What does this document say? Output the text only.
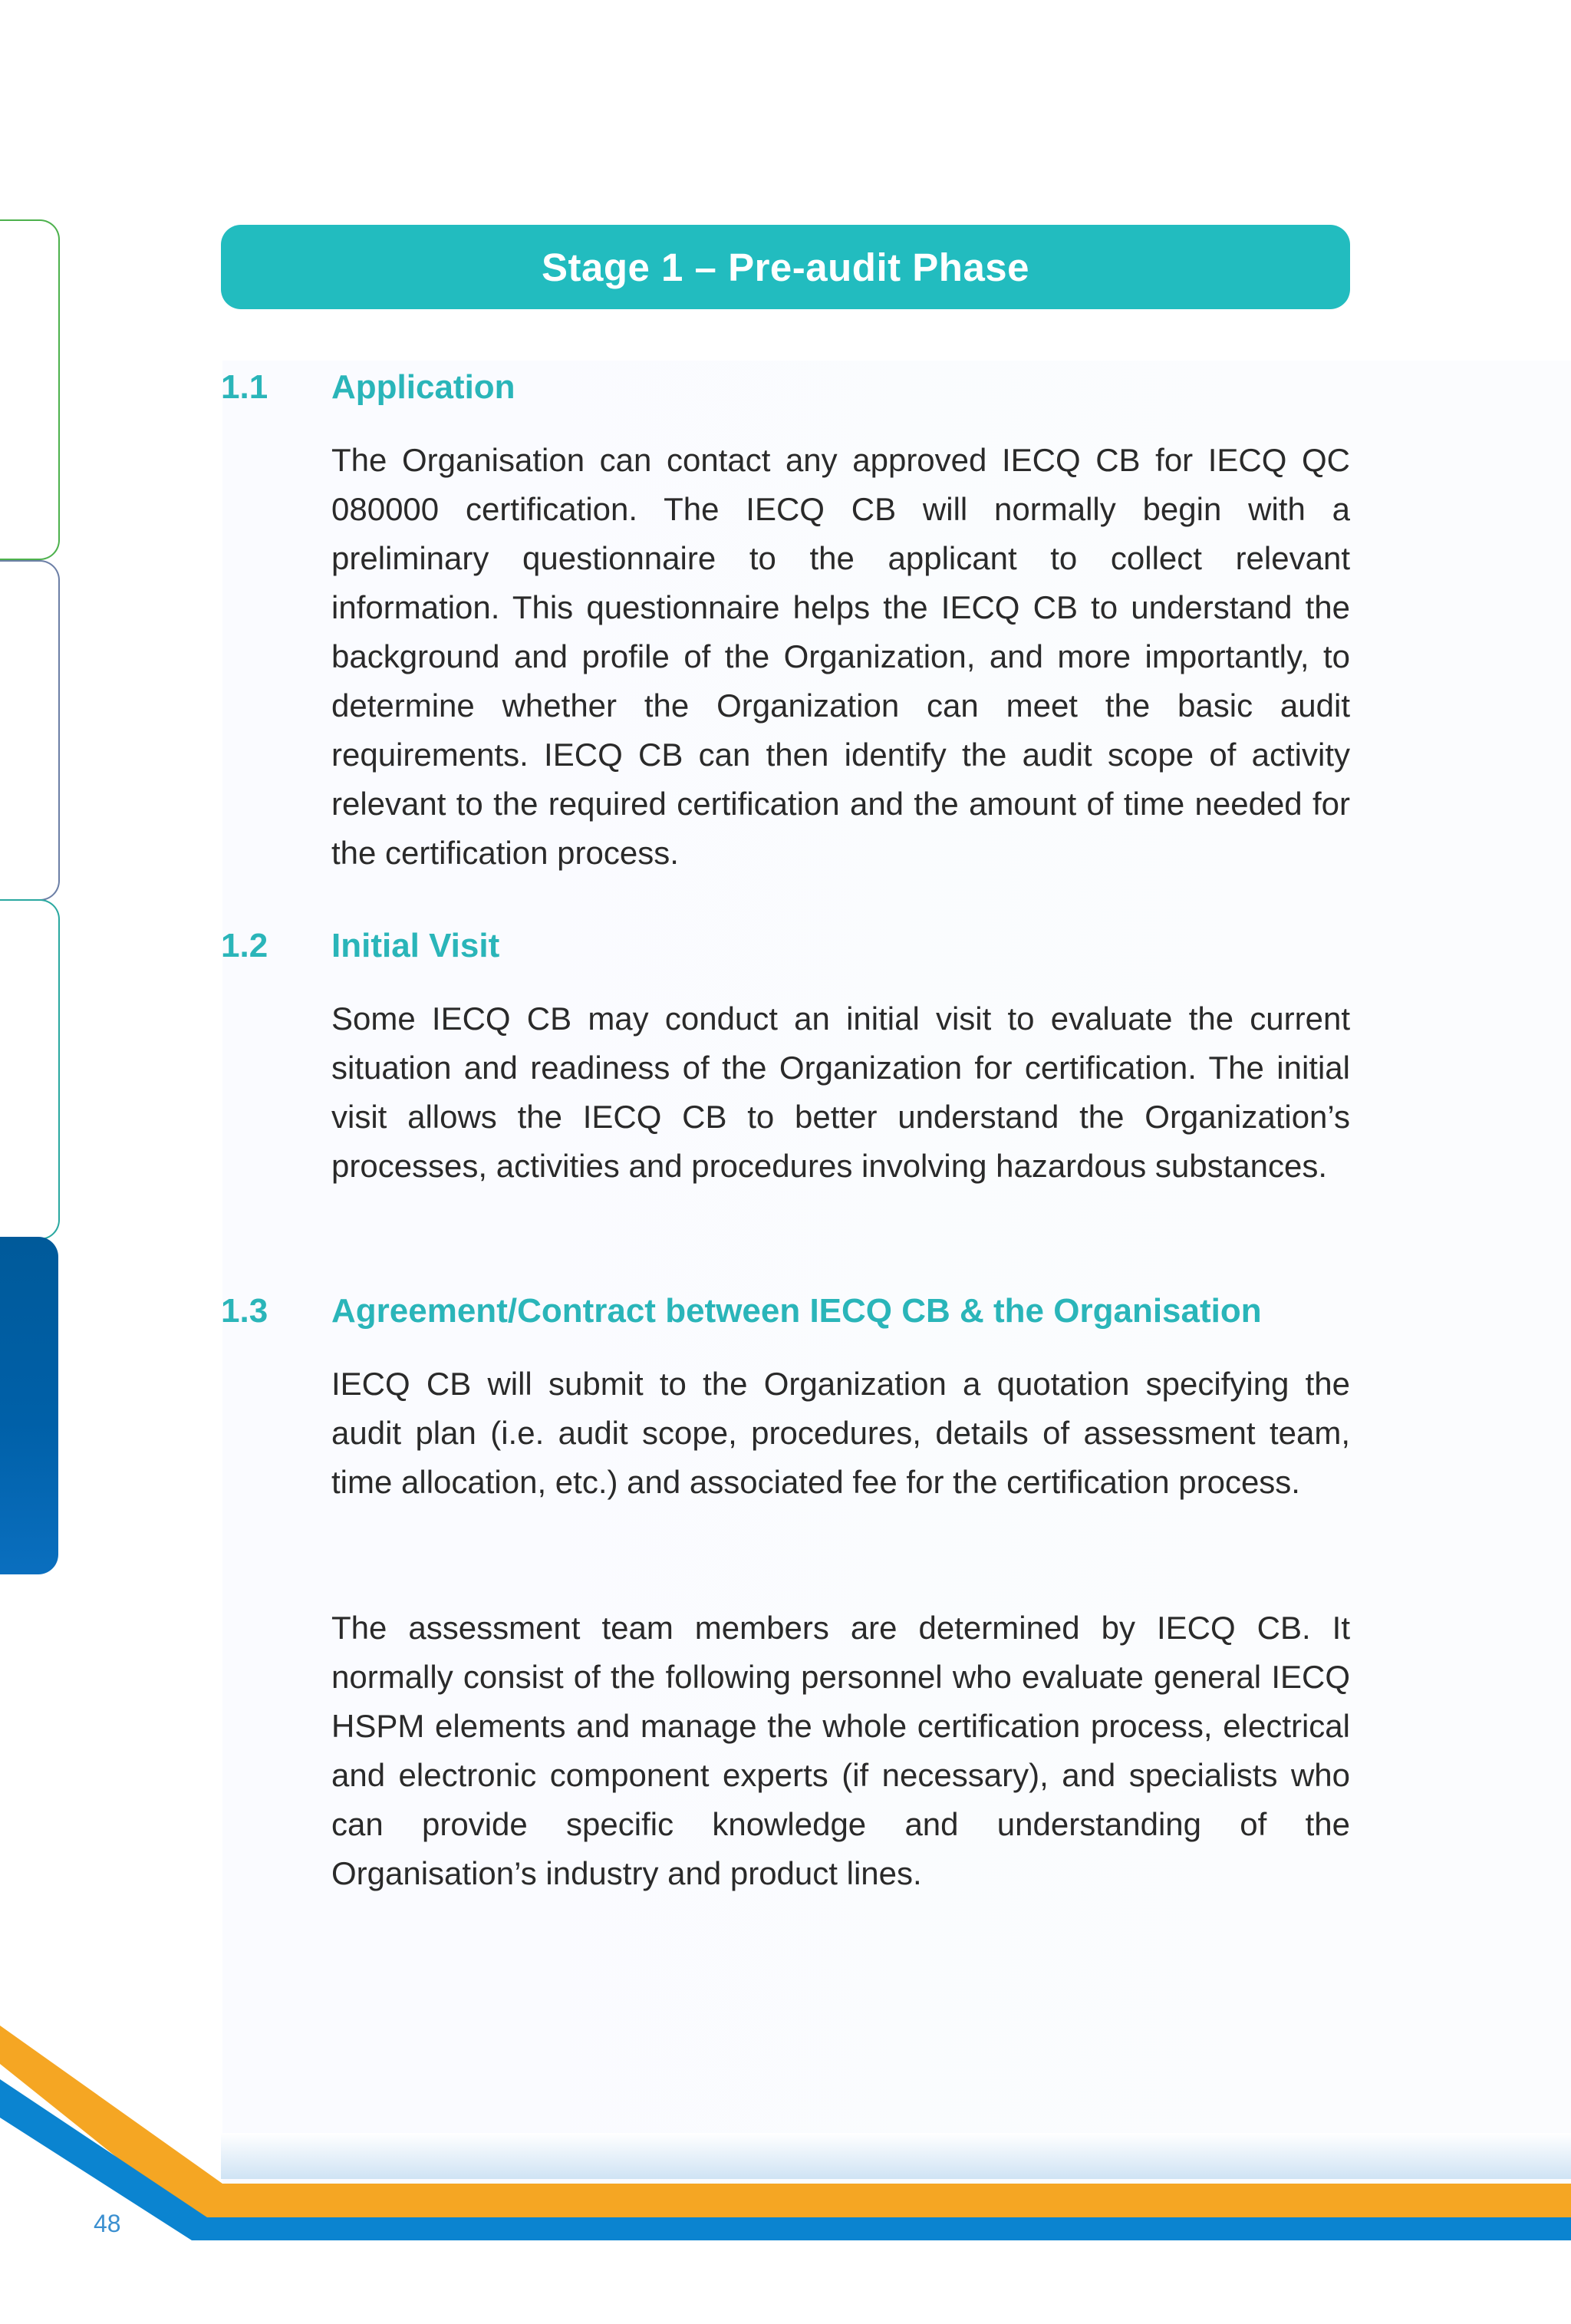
Stage 1 – Pre-audit Phase
1.1 Application

The Organisation can contact any approved IECQ CB for IECQ QC 080000 certification. The IECQ CB will normally begin with a preliminary questionnaire to the applicant to collect relevant information. This questionnaire helps the IECQ CB to understand the background and profile of the Organization, and more importantly, to determine whether the Organization can meet the basic audit requirements. IECQ CB can then identify the audit scope of activity relevant to the required certification and the amount of time needed for the certification process.

1.2 Initial Visit

Some IECQ CB may conduct an initial visit to evaluate the current situation and readiness of the Organization for certification. The initial visit allows the IECQ CB to better understand the Organization’s processes, activities and procedures involving hazardous substances.

1.3 Agreement/Contract between IECQ CB & the Organisation

IECQ CB will submit to the Organization a quotation specifying the audit plan (i.e. audit scope, procedures, details of assessment team, time allocation, etc.) and associated fee for the certification process.

The assessment team members are determined by IECQ CB. It normally consist of the following personnel who evaluate general IECQ HSPM elements and manage the whole certification process, electrical and electronic component experts (if necessary), and specialists who can provide specific knowledge and understanding of the Organisation’s industry and product lines.

48
